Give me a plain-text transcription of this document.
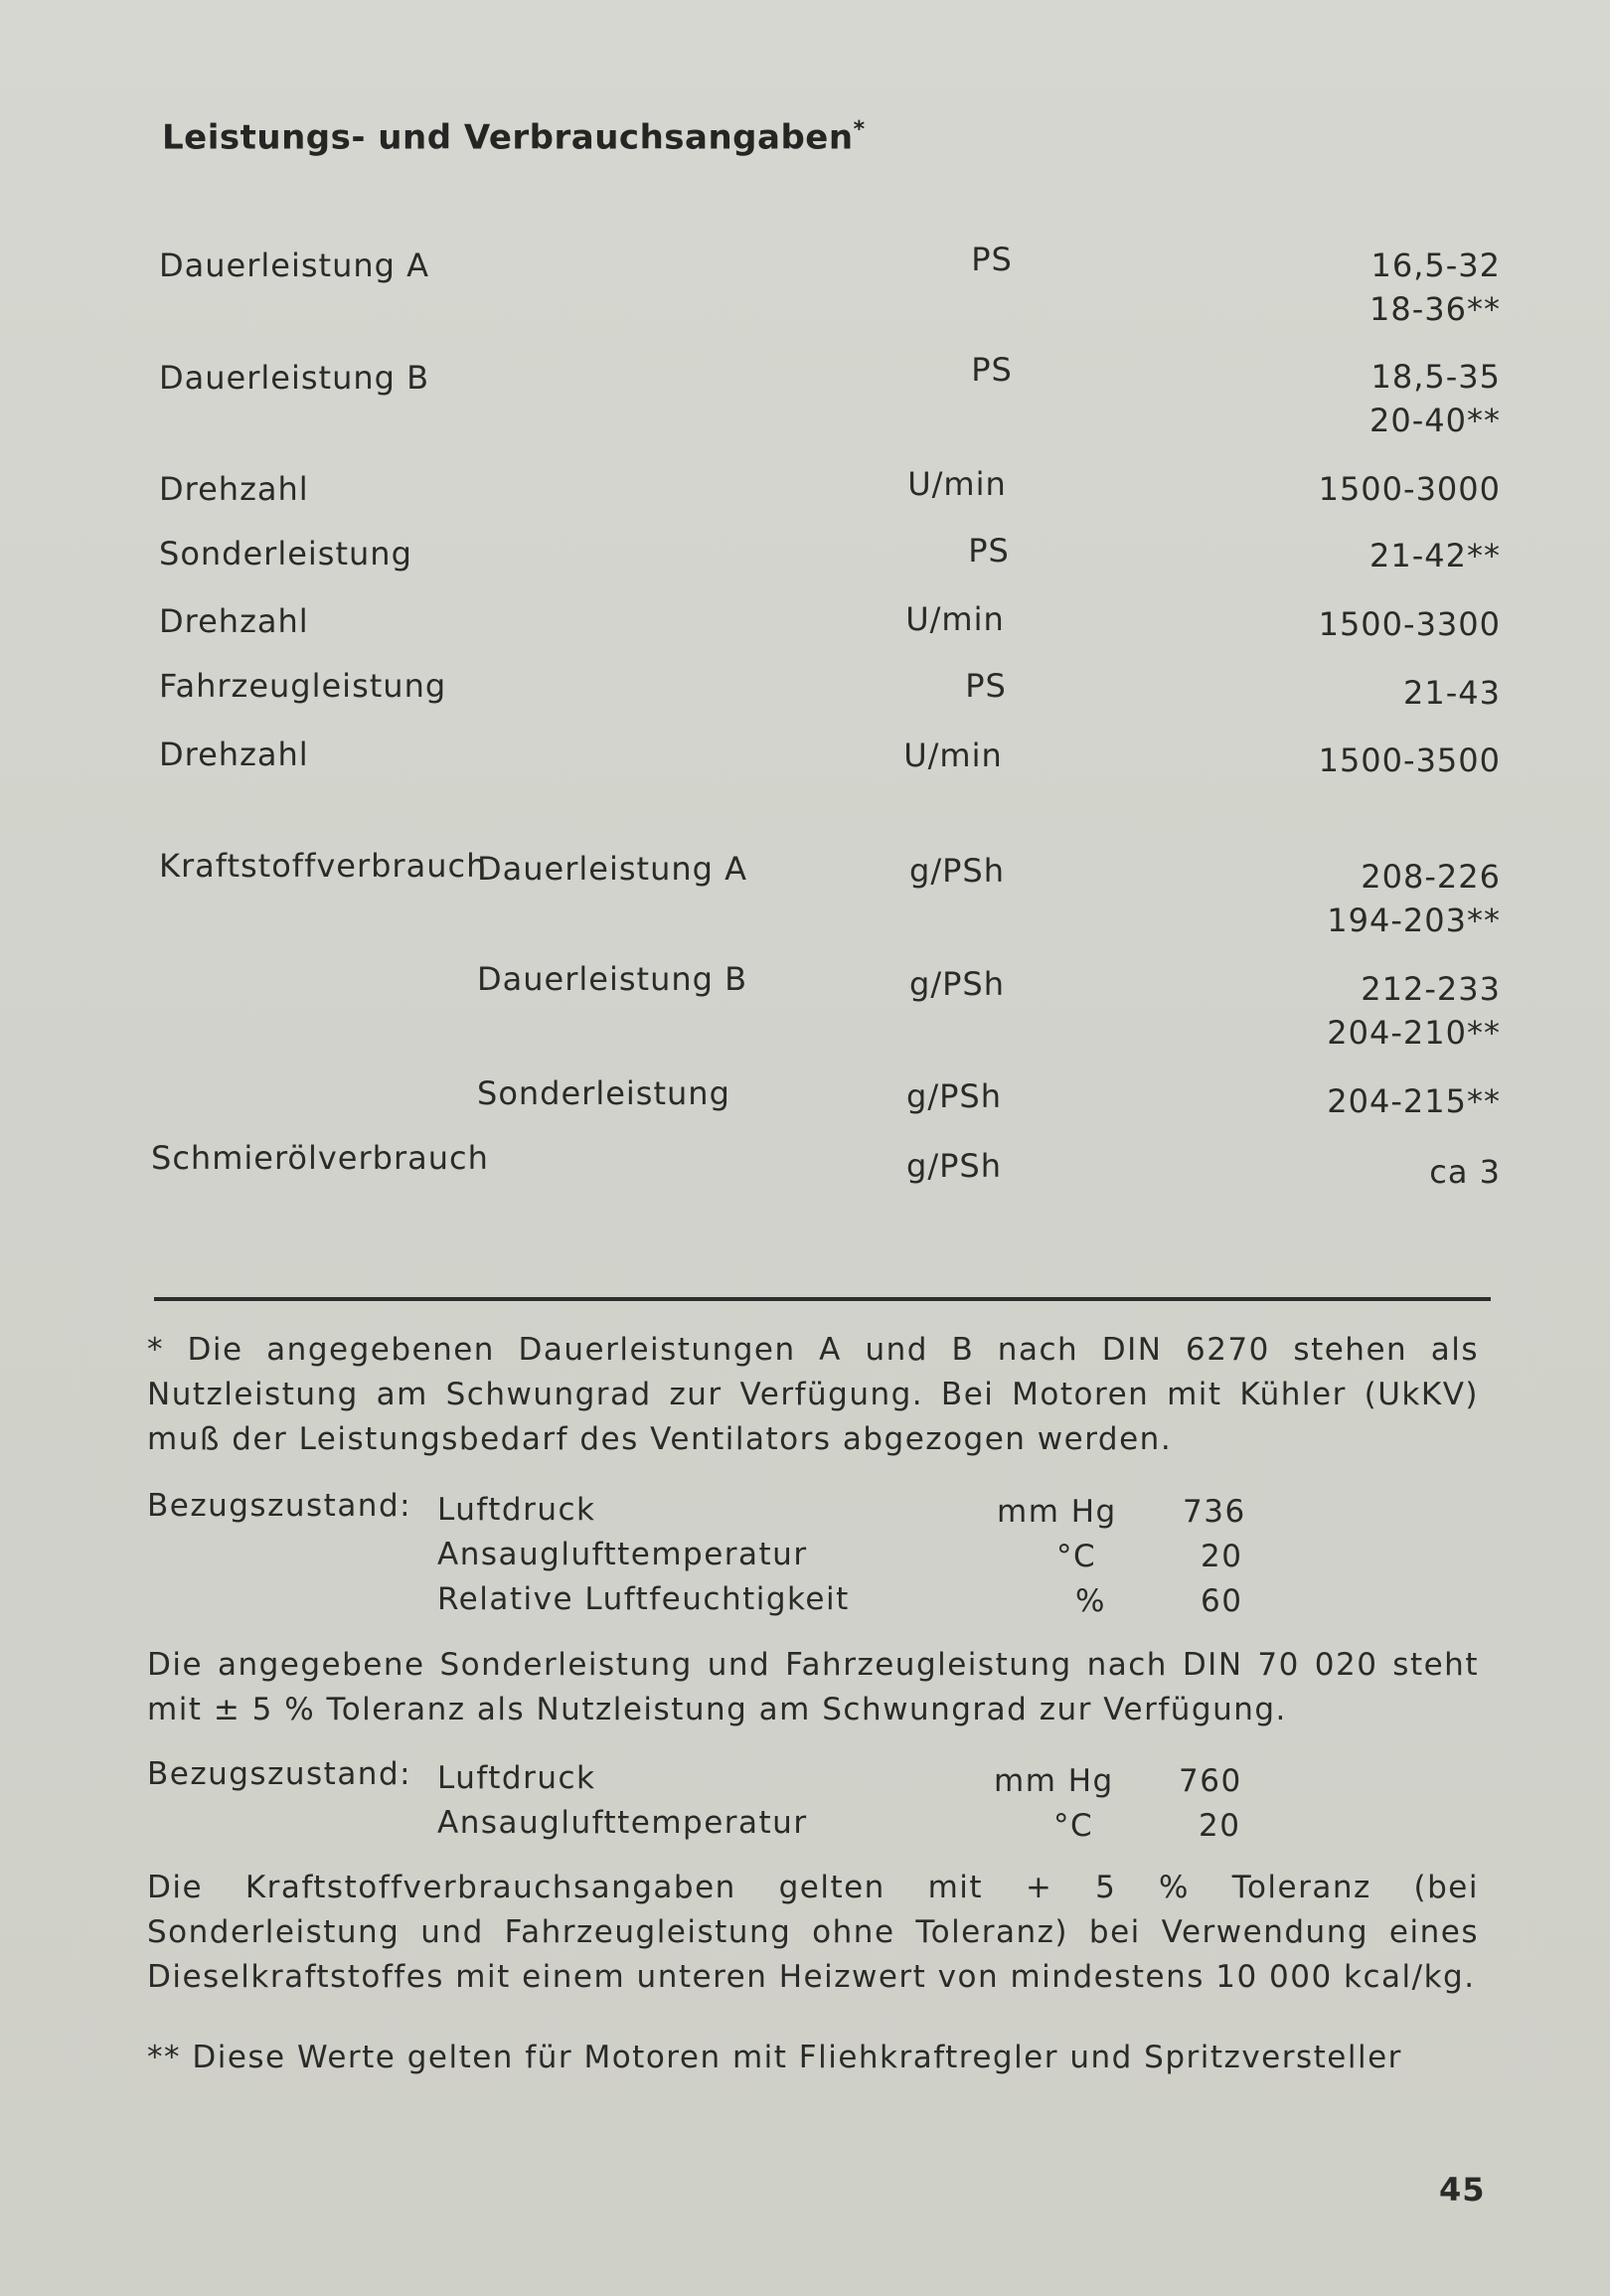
Leistungs- und Verbrauchsangaben*
Dauerleistung A	PS	16,5-32
18-36**
Dauerleistung B	PS	18,5-35
20-40**
Drehzahl	U/min	1500-3000
Sonderleistung	PS	21-42**
Drehzahl	U/min	1500-3300
Fahrzeugleistung	PS	21-43
Drehzahl	U/min	1500-3500
Kraftstoffverbrauch
Dauerleistung A	g/PSh	208-226
194-203**
Dauerleistung B	g/PSh	212-233
204-210**
Sonderleistung	g/PSh	204-215**
Schmierölverbrauch	g/PSh	ca 3
* Die angegebenen Dauerleistungen A und B nach DIN 6270 stehen als Nutzleistung am Schwungrad zur Verfügung. Bei Motoren mit Kühler (UkKV) muß der Leistungsbedarf des Ventilators abgezogen werden.
Bezugszustand: Luftdruck	mm Hg 736
Ansauglufttemperatur	°C	20
Relative Luftfeuchtigkeit	%	60
Die angegebene Sonderleistung und Fahrzeugleistung nach DIN 70 020 steht mit ± 5 % Toleranz als Nutzleistung am Schwungrad zur Verfügung.
Bezugszustand: Luftdruck	mm Hg 760
Ansauglufttemperatur	°C	20
Die Kraftstoffverbrauchsangaben gelten mit + 5 % Toleranz (bei Sonderleistung und Fahrzeugleistung ohne Toleranz) bei Verwendung eines Dieselkraftstoffes mit einem unteren Heizwert von mindestens 10 000 kcal/kg.
** Diese Werte gelten für Motoren mit Fliehkraftregler und Spritzversteller
45
